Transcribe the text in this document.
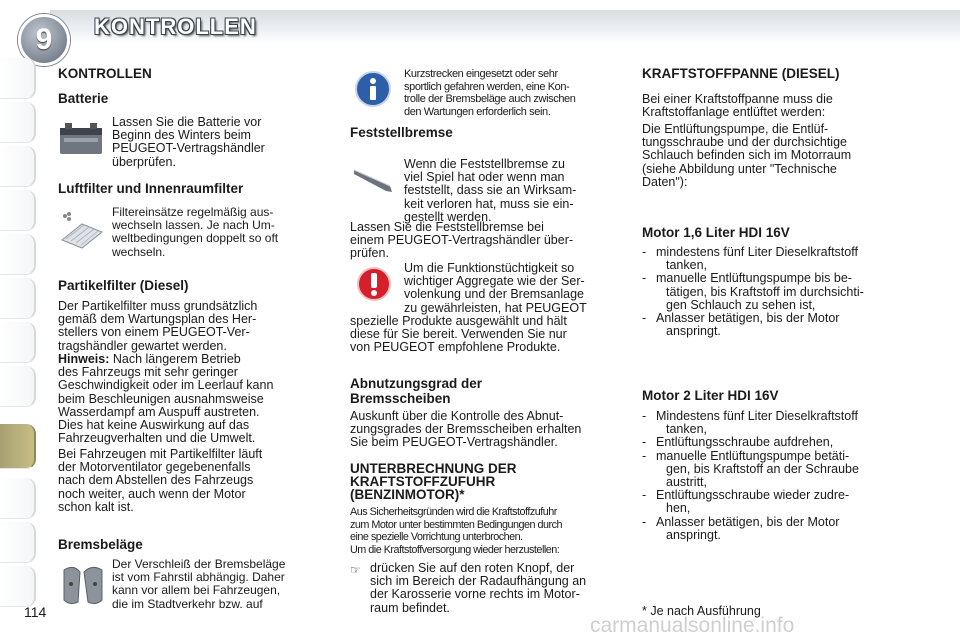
9 KONTROLLEN
KONTROLLEN
Batterie
Lassen Sie die Batterie vor
Beginn des Winters beim
PEUGEOT-Vertragshändler
überprüfen.
Luftfilter und Innenraumfilter
Filtereinsätze regelmäßig aus-
wechseln lassen. Je nach Um-
weltbedingungen doppelt so oft
wechseln.
Partikelfilter (Diesel)
Der Partikelfilter muss grundsätzlich
gemäß dem Wartungsplan des Her-
stellers von einem PEUGEOT-Ver-
tragshändler gewartet werden.
Hinweis: Nach längerem Betrieb
des Fahrzeugs mit sehr geringer
Geschwindigkeit oder im Leerlauf kann
beim Beschleunigen ausnahmsweise
Wasserdampf am Auspuff austreten.
Dies hat keine Auswirkung auf das
Fahrzeugverhalten und die Umwelt.
Bei Fahrzeugen mit Partikelfilter läuft
der Motorventilator gegebenenfalls
nach dem Abstellen des Fahrzeugs
noch weiter, auch wenn der Motor
schon kalt ist.
Bremsbeläge
Der Verschleiß der Bremsbeläge
ist vom Fahrstil abhängig. Daher
kann vor allem bei Fahrzeugen,
die im Stadtverkehr bzw. auf
114
Kurzstrecken eingesetzt oder sehr
sportlich gefahren werden, eine Kon-
trolle der Bremsbeläge auch zwischen
den Wartungen erforderlich sein.
Feststellbremse
Wenn die Feststellbremse zu
viel Spiel hat oder wenn man
feststellt, dass sie an Wirksam-
keit verloren hat, muss sie ein-
gestellt werden.
Lassen Sie die Feststellbremse bei
einem PEUGEOT-Vertragshändler über-
prüfen.
Um die Funktionstüchtigkeit so
wichtiger Aggregate wie der Ser-
volenkung und der Bremsanlage
zu gewährleisten, hat PEUGEOT
spezielle Produkte ausgewählt und hält
diese für Sie bereit. Verwenden Sie nur
von PEUGEOT empfohlene Produkte.
Abnutzungsgrad der
Bremsscheiben
Auskunft über die Kontrolle des Abnut-
zungsgrades der Bremsscheiben erhalten
Sie beim PEUGEOT-Vertragshändler.
UNTERBRECHNUNG DER
KRAFTSTOFFZUFUHR
(BENZINMOTOR)*
Aus Sicherheitsgründen wird die Kraftstoffzufuhr
zum Motor unter bestimmten Bedingungen durch
eine spezielle Vorrichtung unterbrochen.
Um die Kraftstoffversorgung wieder herzustellen:
☞ drücken Sie auf den roten Knopf, der
sich im Bereich der Radaufhängung an
der Karosserie vorne rechts im Motor-
raum befindet.
KRAFTSTOFFPANNE (DIESEL)
Bei einer Kraftstoffpanne muss die
Kraftstoffanlage entlüftet werden:
Die Entlüftungspumpe, die Entlüf-
tungsschraube und der durchsichtige
Schlauch befinden sich im Motorraum
(siehe Abbildung unter "Technische
Daten"):
Motor 1,6 Liter HDI 16V
- mindestens fünf Liter Dieselkraftstoff
tanken,
- manuelle Entlüftungspumpe bis be-
tätigen, bis Kraftstoff im durchsichti-
gen Schlauch zu sehen ist,
- Anlasser betätigen, bis der Motor
anspringt.
Motor 2 Liter HDI 16V
- Mindestens fünf Liter Dieselkraftstoff
tanken,
- Entlüftungsschraube aufdrehen,
- manuelle Entlüftungspumpe betäti-
gen, bis Kraftstoff an der Schraube
austritt,
- Entlüftungsschraube wieder zudre-
hen,
- Anlasser betätigen, bis der Motor
anspringt.
* Je nach Ausführung
carmanualsonline.info
